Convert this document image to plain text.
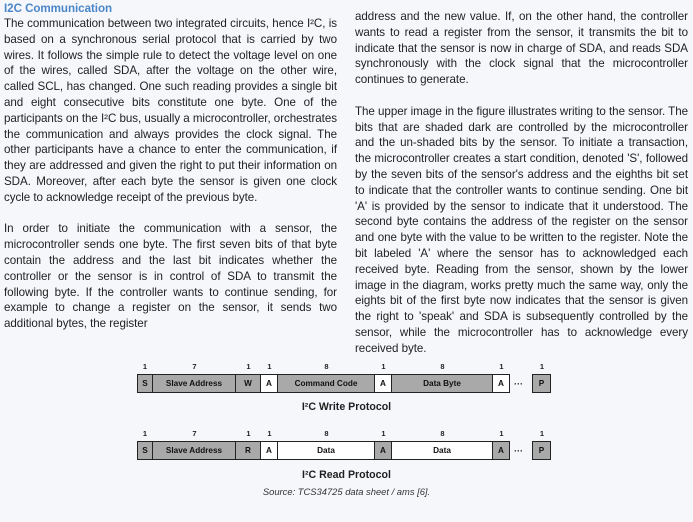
I2C Communication

The communication between two integrated circuits, hence I²C, is based on a synchronous serial protocol that is carried by two wires. It follows the simple rule to detect the voltage level on one of the wires, called SDA, after the voltage on the other wire, called SCL, has changed. One such reading provides a single bit and eight consecutive bits constitute one byte. One of the participants on the I²C bus, usually a microcontroller, orchestrates the communication and always provides the clock signal. The other participants have a chance to enter the communication, if they are addressed and given the right to put their information on SDA. Moreover, after each byte the sensor is given one clock cycle to acknowledge receipt of the previous byte.

In order to initiate the communication with a sensor, the microcontroller sends one byte. The first seven bits of that byte contain the address and the last bit indicates whether the controller or the sensor is in control of SDA to transmit the following byte. If the controller wants to continue sending, for example to change a register on the sensor, it sends two additional bytes, the register

address and the new value. If, on the other hand, the controller wants to read a register from the sensor, it transmits the bit to indicate that the sensor is now in charge of SDA, and reads SDA synchronously with the clock signal that the microcontroller continues to generate.

The upper image in the figure illustrates writing to the sensor. The bits that are shaded dark are controlled by the microcontroller and the un-shaded bits by the sensor. To initiate a transaction, the microcontroller creates a start condition, denoted 'S', followed by the seven bits of the sensor's address and the eighths bit set to indicate that the controller wants to continue sending. One bit 'A' is provided by the sensor to indicate that it understood. The second byte contains the address of the register on the sensor and one byte with the value to be written to the register. Note the bit labeled 'A' where the sensor has to acknowledged each received byte. Reading from the sensor, shown by the lower image in the diagram, works pretty much the same way, only the eights bit of the first byte now indicates that the sensor is given the right to 'speak' and SDA is subsequently controlled by the sensor, while the microcontroller has to acknowledge every received byte.

1	7	1	1	8	1	8	1	1
S	Slave Address	W	A	Command Code	A	Data Byte	A	···	P
I²C Write Protocol
1	7	1	1	8	1	8	1	1
S	Slave Address	R	A	Data	A	Data	A	···	P
I²C Read Protocol
Source: TCS34725 data sheet / ams [6].
